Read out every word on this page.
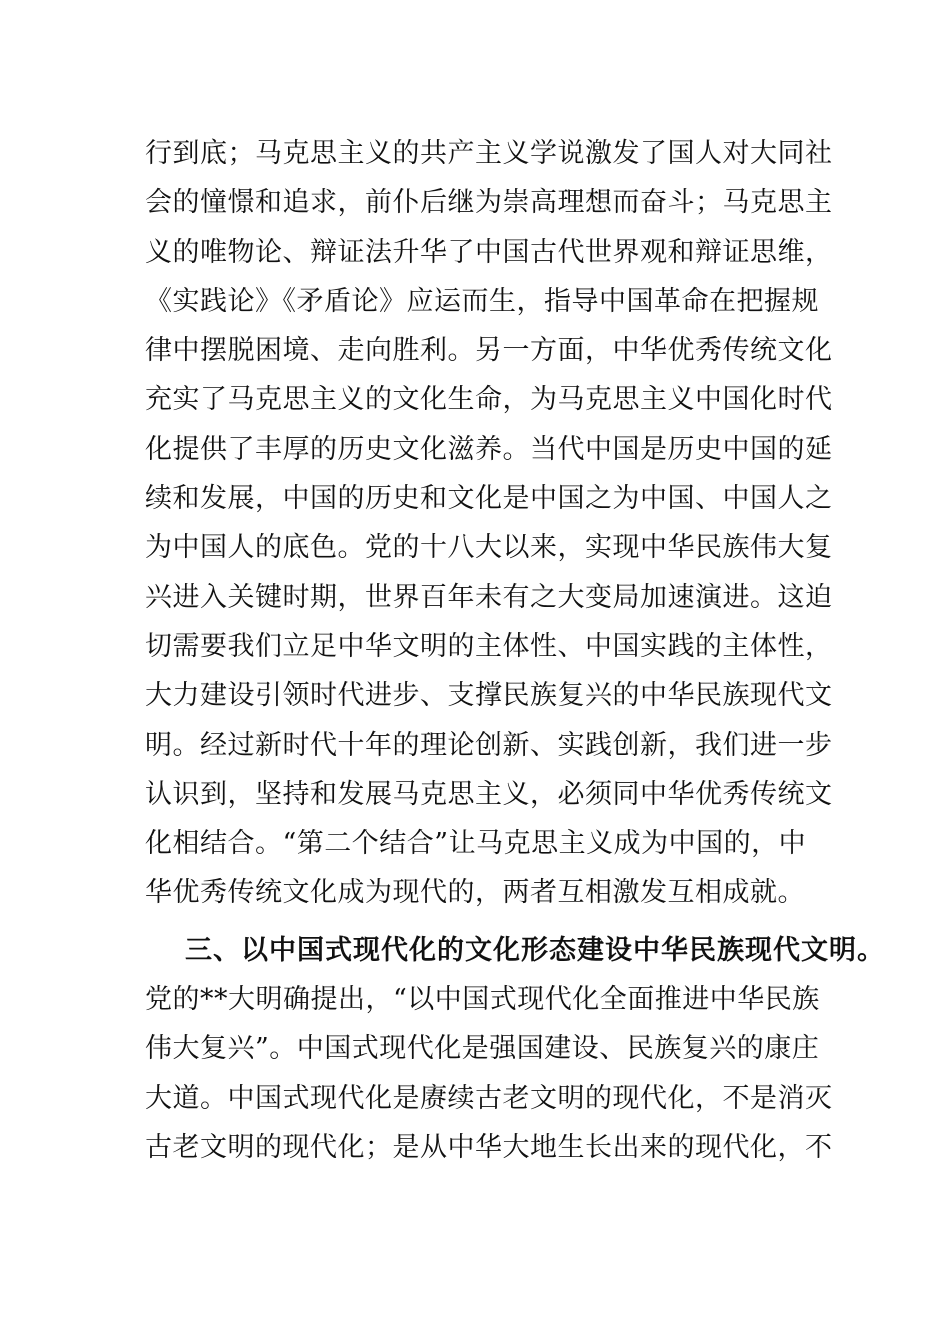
行到底；马克思主义的共产主义学说激发了国人对大同社
会的憧憬和追求，前仆后继为崇高理想而奋斗；马克思主
义的唯物论、辩证法升华了中国古代世界观和辩证思维，
《实践论》《矛盾论》应运而生，指导中国革命在把握规
律中摆脱困境、走向胜利。另一方面，中华优秀传统文化
充实了马克思主义的文化生命，为马克思主义中国化时代
化提供了丰厚的历史文化滋养。当代中国是历史中国的延
续和发展，中国的历史和文化是中国之为中国、中国人之
为中国人的底色。党的十八大以来，实现中华民族伟大复
兴进入关键时期，世界百年未有之大变局加速演进。这迫
切需要我们立足中华文明的主体性、中国实践的主体性，
大力建设引领时代进步、支撑民族复兴的中华民族现代文
明。经过新时代十年的理论创新、实践创新，我们进一步
认识到，坚持和发展马克思主义，必须同中华优秀传统文
化相结合。“第二个结合”让马克思主义成为中国的，中
华优秀传统文化成为现代的，两者互相激发互相成就。
三、以中国式现代化的文化形态建设中华民族现代文明。
党的**大明确提出，“以中国式现代化全面推进中华民族
伟大复兴”。中国式现代化是强国建设、民族复兴的康庄
大道。中国式现代化是赓续古老文明的现代化，不是消灭
古老文明的现代化；是从中华大地生长出来的现代化，不
